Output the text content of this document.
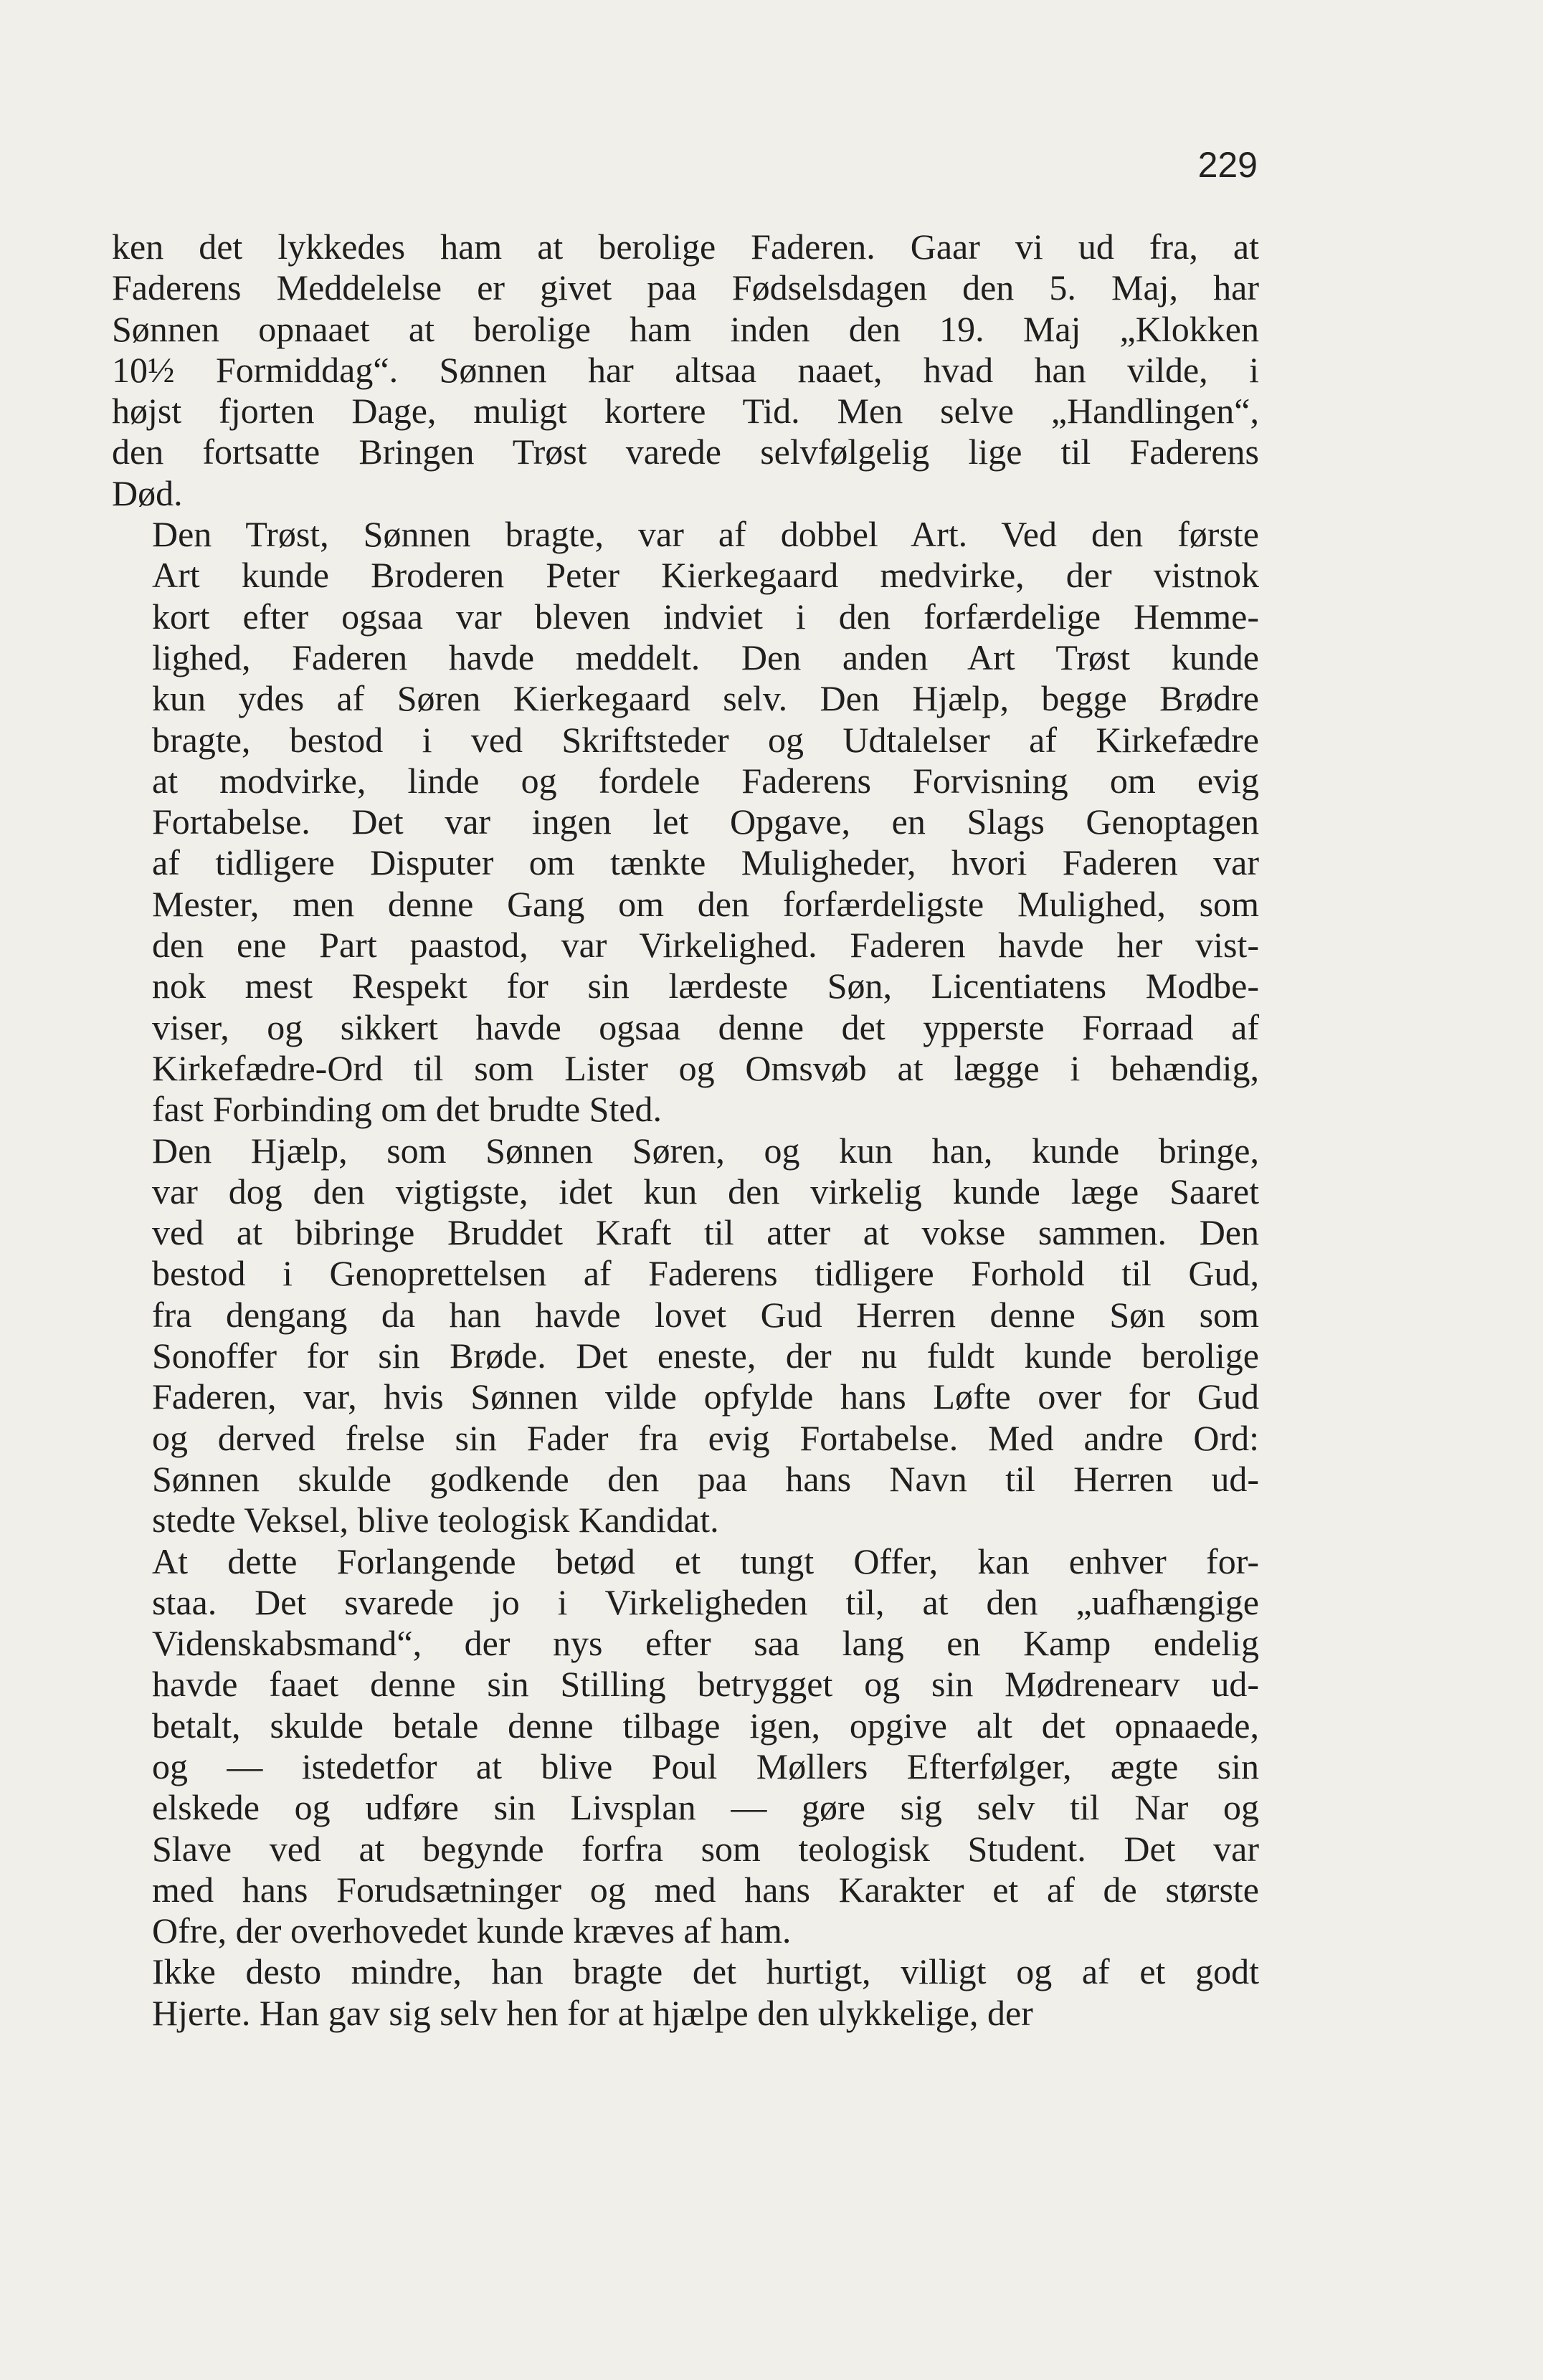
229

ken det lykkedes ham at berolige Faderen. Gaar vi ud fra, at
Faderens Meddelelse er givet paa Fødselsdagen den 5. Maj, har
Sønnen opnaaet at berolige ham inden den 19. Maj „Klokken
10½ Formiddag“. Sønnen har altsaa naaet, hvad han vilde, i
højst fjorten Dage, muligt kortere Tid. Men selve „Handlingen“,
den fortsatte Bringen Trøst varede selvfølgelig lige til Faderens
Død.

Den Trøst, Sønnen bragte, var af dobbel Art. Ved den første
Art kunde Broderen Peter Kierkegaard medvirke, der vistnok
kort efter ogsaa var bleven indviet i den forfærdelige Hemme-
lighed, Faderen havde meddelt. Den anden Art Trøst kunde
kun ydes af Søren Kierkegaard selv. Den Hjælp, begge Brødre
bragte, bestod i ved Skriftsteder og Udtalelser af Kirkefædre
at modvirke, linde og fordele Faderens Forvisning om evig
Fortabelse. Det var ingen let Opgave, en Slags Genoptagen
af tidligere Disputer om tænkte Muligheder, hvori Faderen var
Mester, men denne Gang om den forfærdeligste Mulighed, som
den ene Part paastod, var Virkelighed. Faderen havde her vist-
nok mest Respekt for sin lærdeste Søn, Licentiatens Modbe-
viser, og sikkert havde ogsaa denne det ypperste Forraad af
Kirkefædre-Ord til som Lister og Omsvøb at lægge i behændig,
fast Forbinding om det brudte Sted.

Den Hjælp, som Sønnen Søren, og kun han, kunde bringe,
var dog den vigtigste, idet kun den virkelig kunde læge Saaret
ved at bibringe Bruddet Kraft til atter at vokse sammen. Den
bestod i Genoprettelsen af Faderens tidligere Forhold til Gud,
fra dengang da han havde lovet Gud Herren denne Søn som
Sonoffer for sin Brøde. Det eneste, der nu fuldt kunde berolige
Faderen, var, hvis Sønnen vilde opfylde hans Løfte over for Gud
og derved frelse sin Fader fra evig Fortabelse. Med andre Ord:
Sønnen skulde godkende den paa hans Navn til Herren ud-
stedte Veksel, blive teologisk Kandidat.

At dette Forlangende betød et tungt Offer, kan enhver for-
staa. Det svarede jo i Virkeligheden til, at den „uafhængige
Videnskabsmand“, der nys efter saa lang en Kamp endelig
havde faaet denne sin Stilling betrygget og sin Mødrenearv ud-
betalt, skulde betale denne tilbage igen, opgive alt det opnaaede,
og — istedetfor at blive Poul Møllers Efterfølger, ægte sin
elskede og udføre sin Livsplan — gøre sig selv til Nar og
Slave ved at begynde forfra som teologisk Student. Det var
med hans Forudsætninger og med hans Karakter et af de største
Ofre, der overhovedet kunde kræves af ham.

Ikke desto mindre, han bragte det hurtigt, villigt og af et godt
Hjerte. Han gav sig selv hen for at hjælpe den ulykkelige, der
